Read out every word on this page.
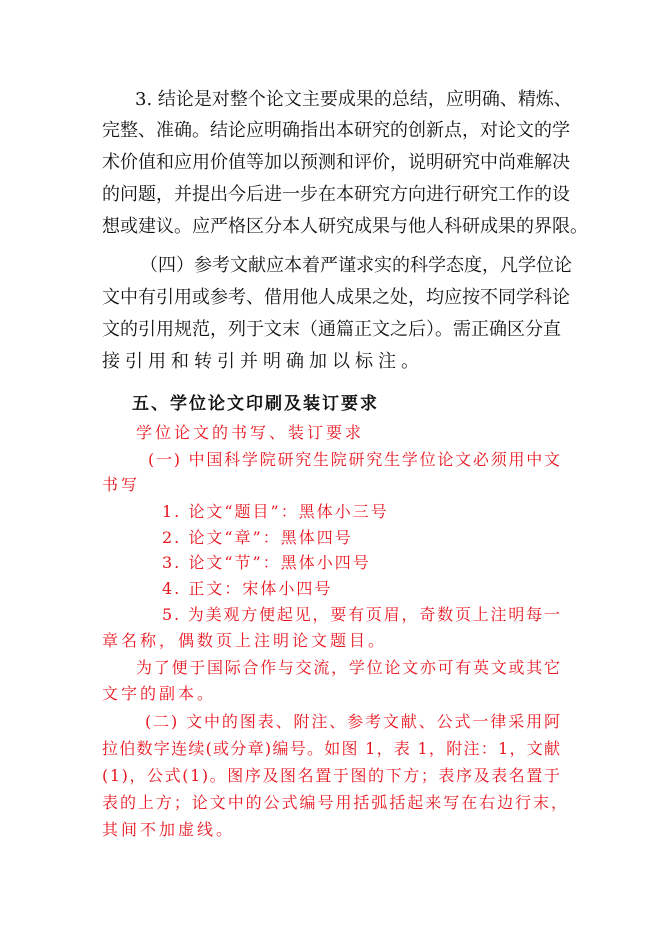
3. 结论是对整个论文主要成果的总结，应明确、精炼、
完整、准确。结论应明确指出本研究的创新点，对论文的学
术价值和应用价值等加以预测和评价，说明研究中尚难解决
的问题，并提出今后进一步在本研究方向进行研究工作的设
想或建议。应严格区分本人研究成果与他人科研成果的界限。
（四）参考文献应本着严谨求实的科学态度，凡学位论
文中有引用或参考、借用他人成果之处，均应按不同学科论
文的引用规范，列于文末（通篇正文之后）。需正确区分直
接引用和转引并明确加以标注。
五、学位论文印刷及装订要求
学位论文的书写、装订要求
(一) 中国科学院研究生院研究生学位论文必须用中文
书写
1. 论文“题目”：黑体小三号
2. 论文“章”：黑体四号
3. 论文“节”：黑体小四号
4. 正文：宋体小四号
5. 为美观方便起见，要有页眉，奇数页上注明每一
章名称，偶数页上注明论文题目。
为了便于国际合作与交流，学位论文亦可有英文或其它
文字的副本。
(二) 文中的图表、附注、参考文献、公式一律采用阿
拉伯数字连续(或分章)编号。如图 1，表 1，附注：1，文献
(1)，公式(1)。图序及图名置于图的下方；表序及表名置于
表的上方；论文中的公式编号用括弧括起来写在右边行末，
其间不加虚线。
